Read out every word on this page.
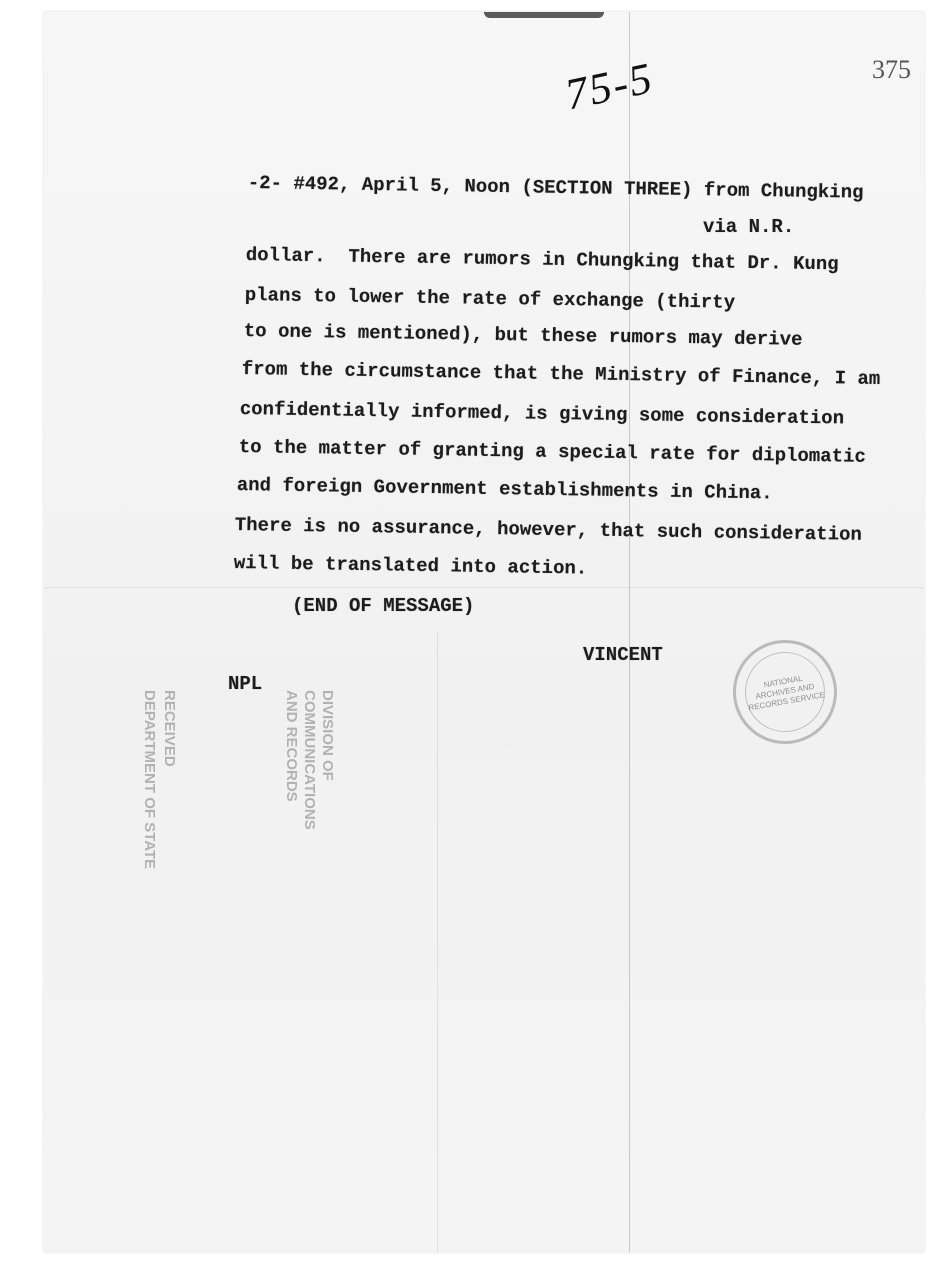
375
75-5
-2- #492, April 5, Noon (SECTION THREE) from Chungking
via N.R.
dollar.  There are rumors in Chungking that Dr. Kung
plans to lower the rate of exchange (thirty
to one is mentioned), but these rumors may derive
from the circumstance that the Ministry of Finance, I am
confidentially informed, is giving some consideration
to the matter of granting a special rate for diplomatic
and foreign Government establishments in China.
There is no assurance, however, that such consideration
will be translated into action.
(END OF MESSAGE)
VINCENT
NPL	NATIONAL ARCHIVES AND RECORDS SERVICE
RECEIVED
DEPARTMENT OF STATE	DIVISION OF COMMUNICATIONS AND RECORDS
